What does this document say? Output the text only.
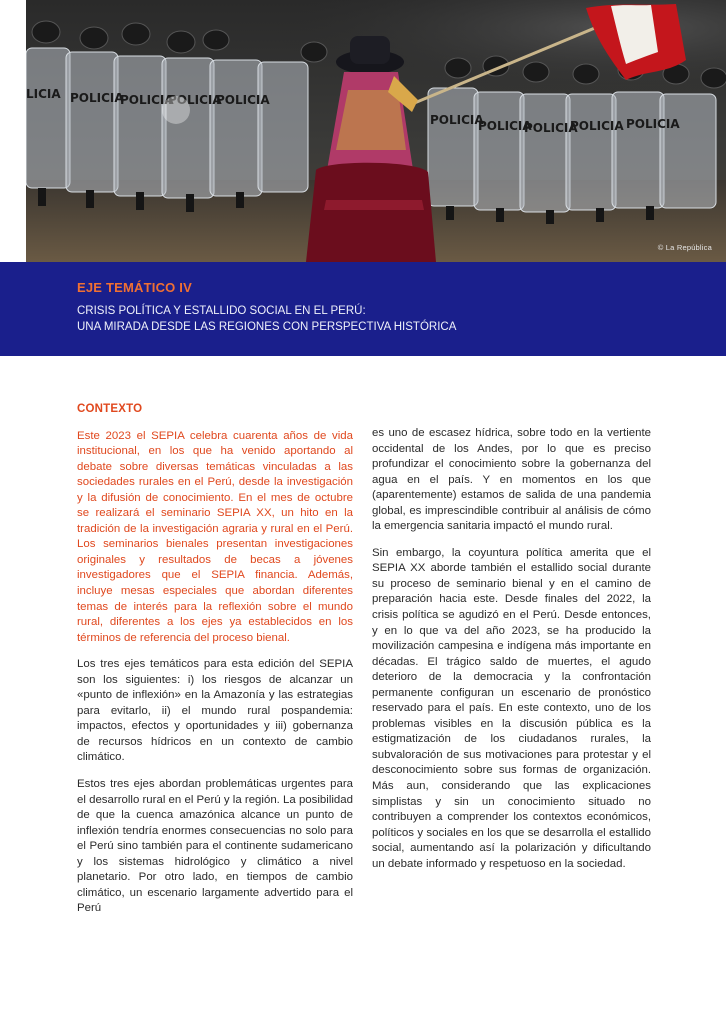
LICIA POLICIA
POLICIA
POLICIA
POLICIA
POLICIA
POLICIA
POLICIA
POLICIA POLICIA
© La República
EJE TEMÁTICO IV
CRISIS POLÍTICA Y ESTALLIDO SOCIAL EN EL PERÚ:
UNA MIRADA DESDE LAS REGIONES CON PERSPECTIVA HISTÓRICA
CONTEXTO

Este 2023 el SEPIA celebra cuarenta años de vida institucional, en los que ha venido aportando al debate sobre diversas temáticas vinculadas a las sociedades rurales en el Perú, desde la investigación y la difusión de conocimiento. En el mes de octubre se realizará el seminario SEPIA XX, un hito en la tradición de la investigación agraria y rural en el Perú. Los seminarios bienales presentan investigaciones originales y resultados de becas a jóvenes investigadores que el SEPIA financia. Además, incluye mesas especiales que abordan diferentes temas de interés para la reflexión sobre el mundo rural, diferentes a los ejes ya establecidos en los términos de referencia del proceso bienal.

Los tres ejes temáticos para esta edición del SEPIA son los siguientes: i) los riesgos de alcanzar un «punto de inflexión» en la Amazonía y las estrategias para evitarlo, ii) el mundo rural pospandemia: impactos, efectos y oportunidades y iii) gobernanza de recursos hídricos en un contexto de cambio climático.

Estos tres ejes abordan problemáticas urgentes para el desarrollo rural en el Perú y la región. La posibilidad de que la cuenca amazónica alcance un punto de inflexión tendría enormes consecuencias no solo para el Perú sino también para el continente sudamericano y los sistemas hidrológico y climático a nivel planetario. Por otro lado, en tiempos de cambio climático, un escenario largamente advertido para el Perú

es uno de escasez hídrica, sobre todo en la vertiente occidental de los Andes, por lo que es preciso profundizar el conocimiento sobre la gobernanza del agua en el país. Y en momentos en los que (aparentemente) estamos de salida de una pandemia global, es imprescindible contribuir al análisis de cómo la emergencia sanitaria impactó el mundo rural.

Sin embargo, la coyuntura política amerita que el SEPIA XX aborde también el estallido social durante su proceso de seminario bienal y en el camino de preparación hacia este. Desde finales del 2022, la crisis política se agudizó en el Perú. Desde entonces, y en lo que va del año 2023, se ha producido la movilización campesina e indígena más importante en décadas. El trágico saldo de muertes, el agudo deterioro de la democracia y la confrontación permanente configuran un escenario de pronóstico reservado para el país. En este contexto, uno de los problemas visibles en la discusión pública es la estigmatización de los ciudadanos rurales, la subvaloración de sus motivaciones para protestar y el desconocimiento sobre sus formas de organización. Más aun, considerando que las explicaciones simplistas y sin un conocimiento situado no contribuyen a comprender los contextos económicos, políticos y sociales en los que se desarrolla el estallido social, aumentando así la polarización y dificultando un debate informado y respetuoso en la sociedad.
